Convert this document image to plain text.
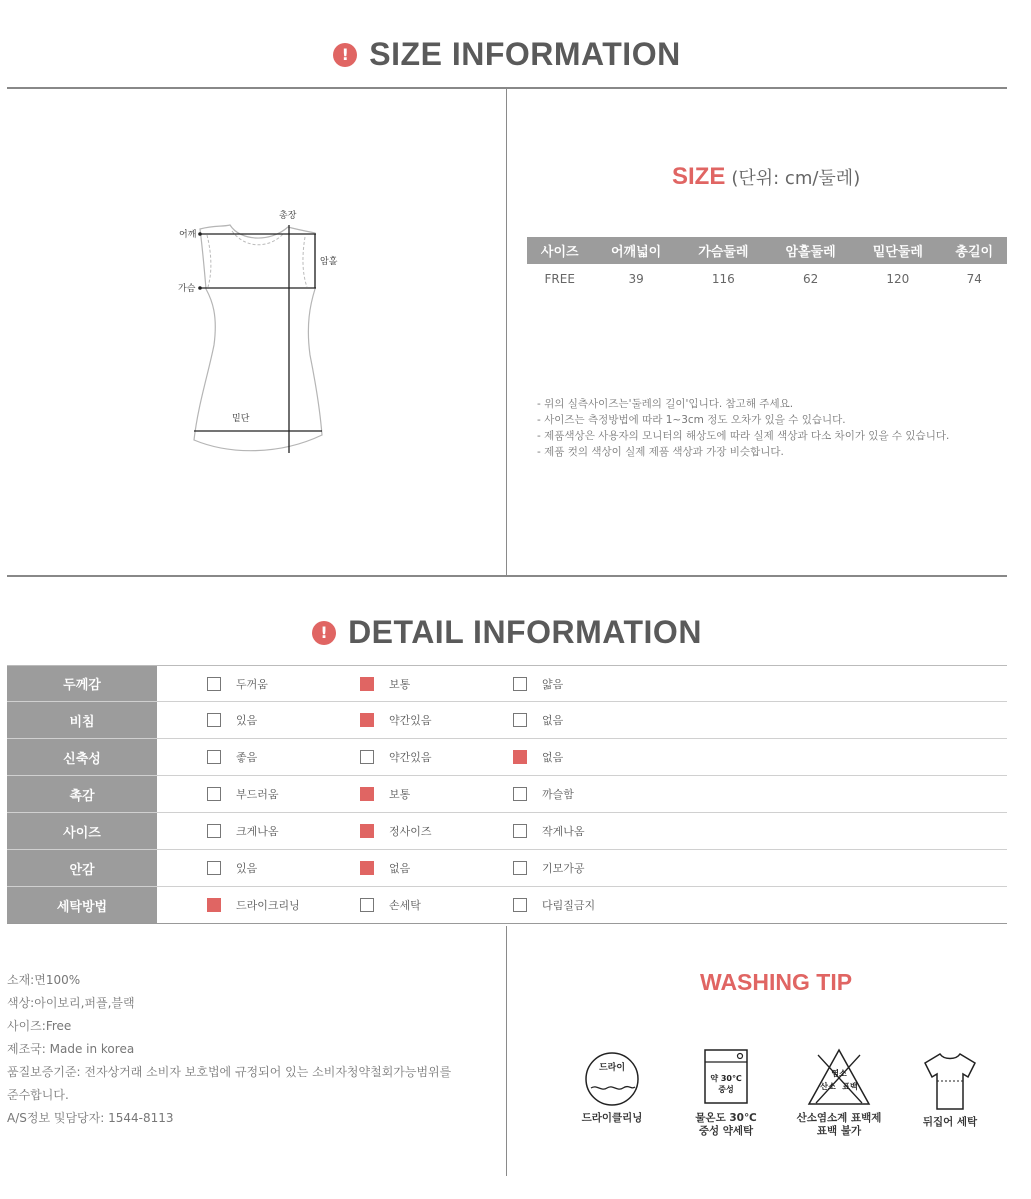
! SIZE INFORMATION
어깨
가슴
총장
암홀
밑단
SIZE (단위: cm/둘레)
사이즈	어깨넓이	가슴둘레	암홀둘레	밑단둘레	총길이
FREE	39	116	62	120	74
- 위의 실측사이즈는'둘레의 길이'입니다. 참고해 주세요.
- 사이즈는 측정방법에 따라 1~3cm 정도 오차가 있을 수 있습니다.
- 제품색상은 사용자의 모니터의 해상도에 따라 실제 색상과 다소 차이가 있을 수 있습니다.
- 제품 컷의 색상이 실제 제품 색상과 가장 비슷합니다.
! DETAIL INFORMATION
두께감	두꺼움	보통	얇음
비침	있음	약간있음	없음
신축성	좋음	약간있음	없음
촉감	부드러움	보통	까슬함
사이즈	크게나옴	정사이즈	작게나옴
안감	있음	없음	기모가공
세탁방법	드라이크리닝	손세탁	다림질금지
소재:면100%
색상:아이보리,퍼플,블랙
사이즈:Free
제조국: Made in korea
품질보증기준: 전자상거래 소비자 보호법에 규정되어 있는 소비자청약철회가능범위를
준수합니다.
A/S정보 및담당자: 1544-8113
WASHING TIP
드라이
드라이클리닝
약 30℃
중성
물온도 30℃
중성 약세탁
염소
산소 표백
산소염소계 표백제
표백 불가
뒤집어 세탁
